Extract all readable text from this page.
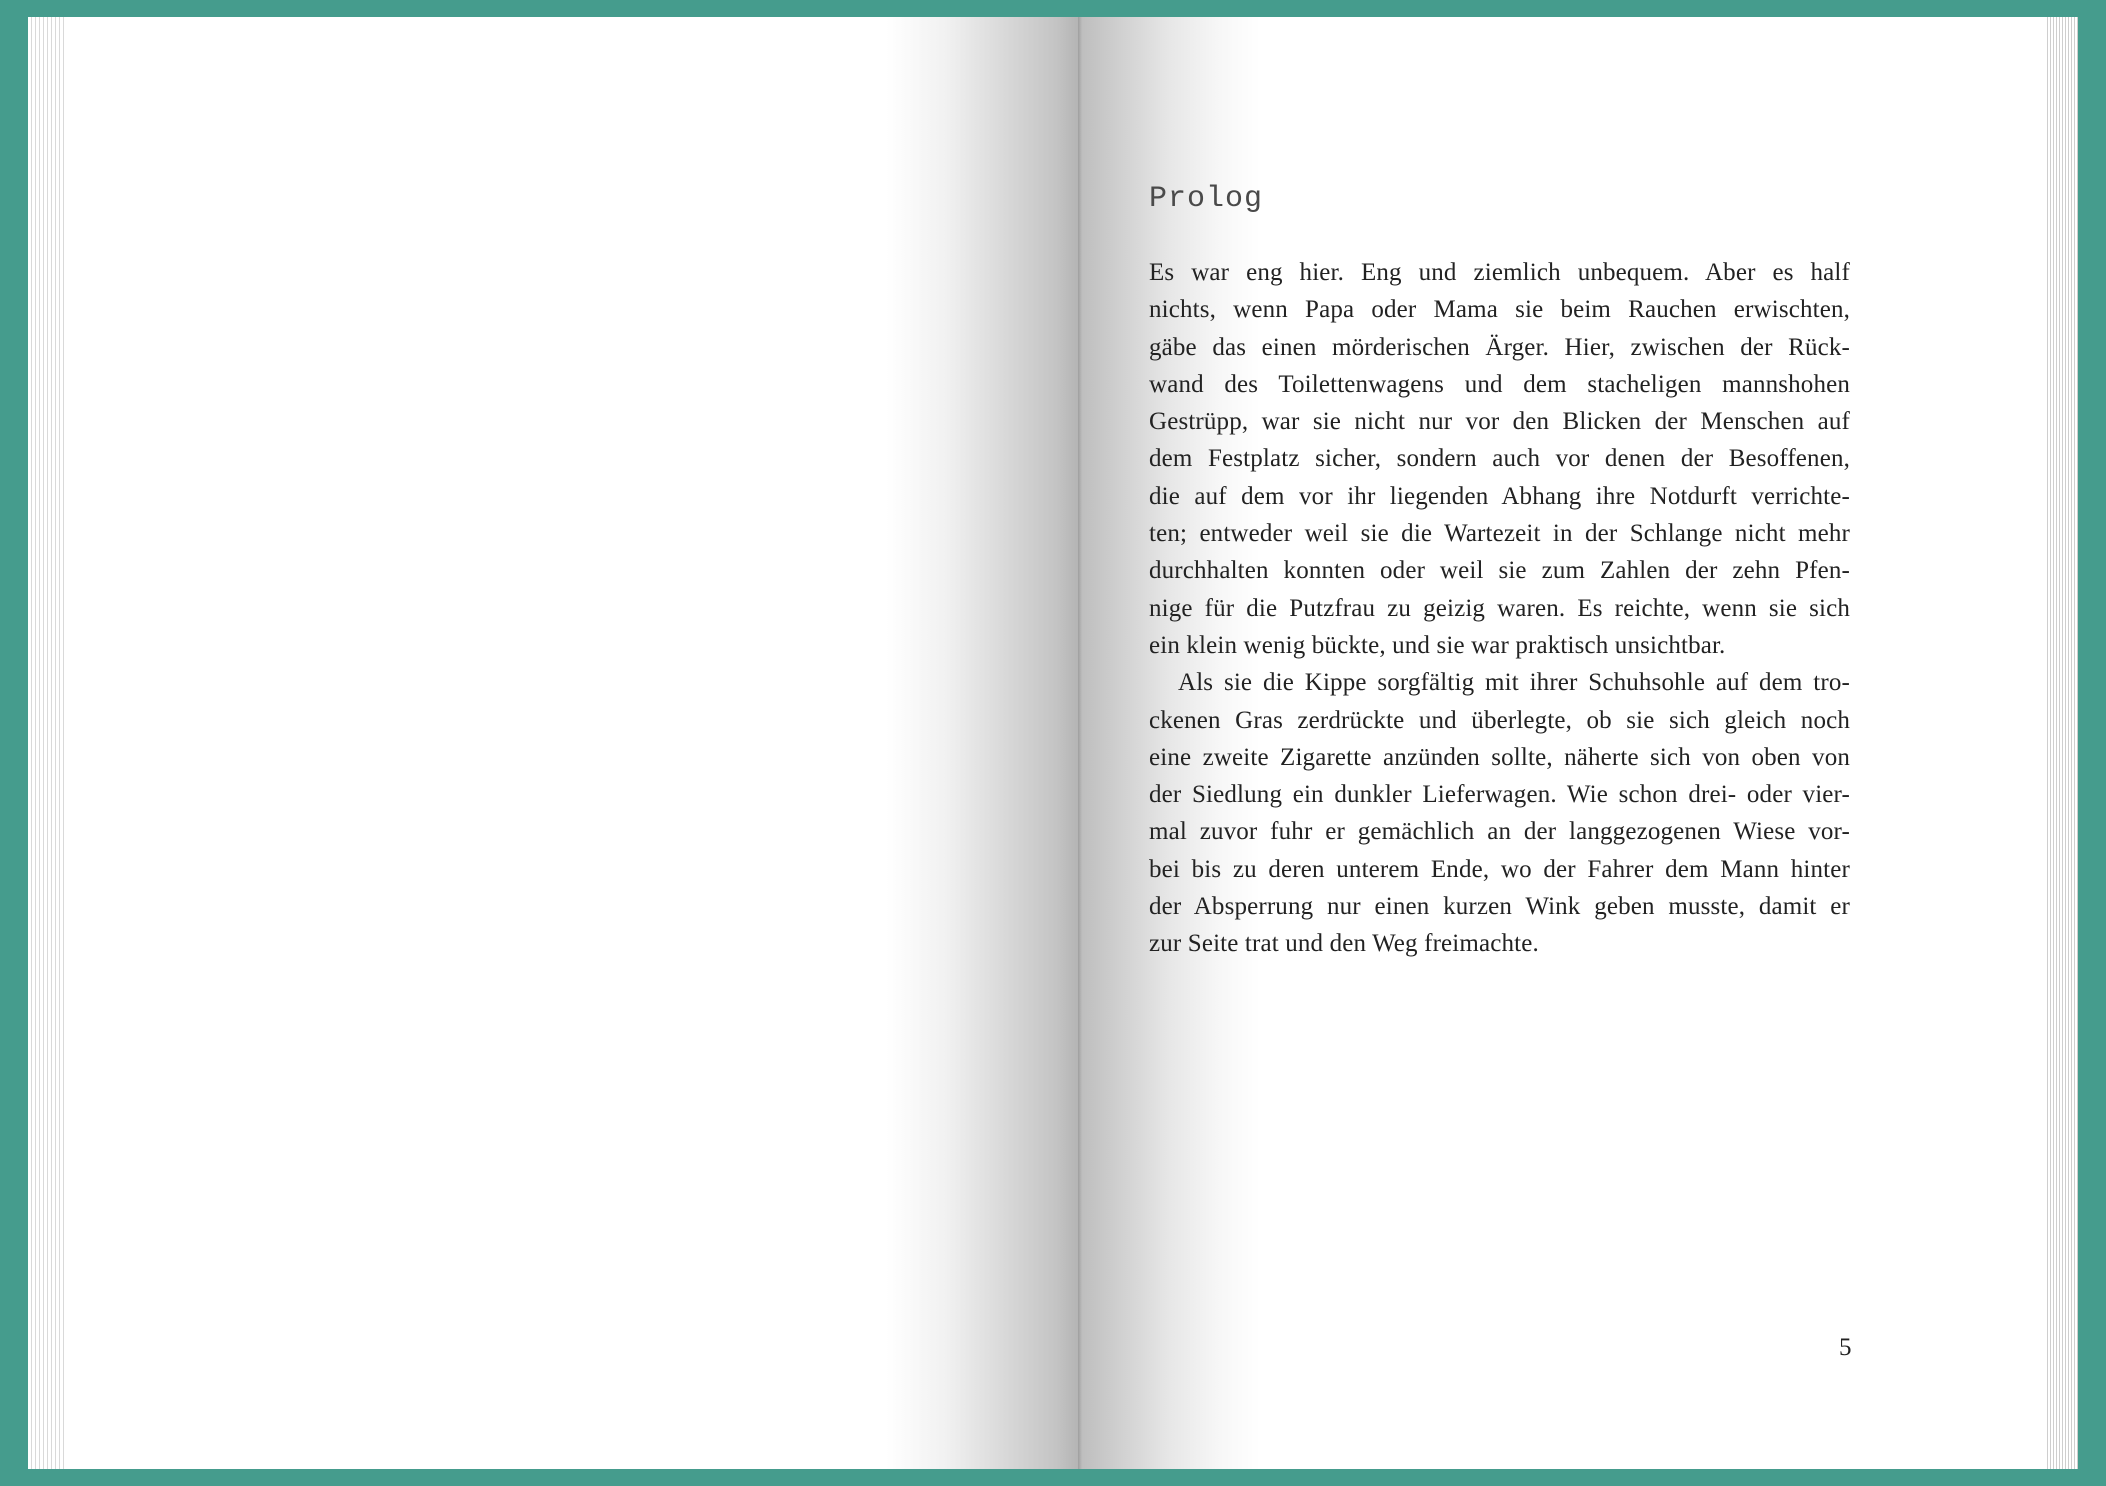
Prolog

Es war eng hier. Eng und ziemlich unbequem. Aber es half
nichts, wenn Papa oder Mama sie beim Rauchen erwischten,
gäbe das einen mörderischen Ärger. Hier, zwischen der Rück-
wand des Toilettenwagens und dem stacheligen mannshohen
Gestrüpp, war sie nicht nur vor den Blicken der Menschen auf
dem Festplatz sicher, sondern auch vor denen der Besoffenen,
die auf dem vor ihr liegenden Abhang ihre Notdurft verrichte-
ten; entweder weil sie die Wartezeit in der Schlange nicht mehr
durchhalten konnten oder weil sie zum Zahlen der zehn Pfen-
nige für die Putzfrau zu geizig waren. Es reichte, wenn sie sich
ein klein wenig bückte, und sie war praktisch unsichtbar.

Als sie die Kippe sorgfältig mit ihrer Schuhsohle auf dem tro-
ckenen Gras zerdrückte und überlegte, ob sie sich gleich noch
eine zweite Zigarette anzünden sollte, näherte sich von oben von
der Siedlung ein dunkler Lieferwagen. Wie schon drei- oder vier-
mal zuvor fuhr er gemächlich an der langgezogenen Wiese vor-
bei bis zu deren unterem Ende, wo der Fahrer dem Mann hinter
der Absperrung nur einen kurzen Wink geben musste, damit er
zur Seite trat und den Weg freimachte.

5
